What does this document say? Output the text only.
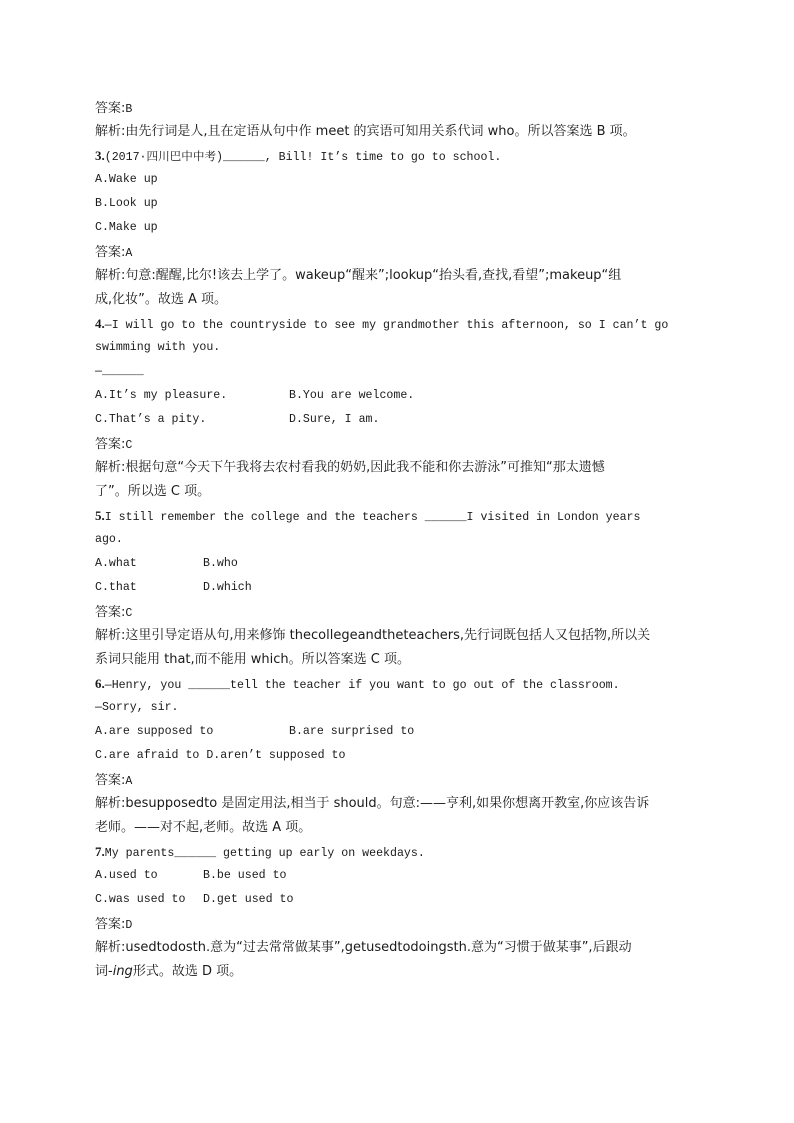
答案:B
解析:由先行词是人,且在定语从句中作 meet 的宾语可知用关系代词 who。所以答案选 B 项。
3.(2017·四川巴中中考)______, Bill! It’s time to go to school.
A.Wake up
B.Look up
C.Make up
答案:A
解析:句意:醒醒,比尔!该去上学了。wakeup“醒来”;lookup“抬头看,查找,看望”;makeup“组
成,化妆”。故选 A 项。
4.—I will go to the countryside to see my grandmother this afternoon, so I can’t go
swimming with you.
—______
A.It’s my pleasure.	B.You are welcome.
C.That’s a pity.	D.Sure, I am.
答案:C
解析:根据句意“今天下午我将去农村看我的奶奶,因此我不能和你去游泳”可推知“那太遗憾
了”。所以选 C 项。
5.I still remember the college and the teachers ______I visited in London years
ago.
A.what	B.who
C.that	D.which
答案:C
解析:这里引导定语从句,用来修饰 thecollegeandtheteachers,先行词既包括人又包括物,所以关
系词只能用 that,而不能用 which。所以答案选 C 项。
6.—Henry, you ______tell the teacher if you want to go out of the classroom.
—Sorry, sir.
A.are supposed to	B.are surprised to
C.are afraid to D.aren’t supposed to
答案:A
解析:besupposedto 是固定用法,相当于 should。句意:——亨利,如果你想离开教室,你应该告诉
老师。——对不起,老师。故选 A 项。
7.My parents______ getting up early on weekdays.
A.used to	B.be used to
C.was used to D.get used to
答案:D
解析:usedtodosth.意为“过去常常做某事”,getusedtodoingsth.意为“习惯于做某事”,后跟动
词-ing形式。故选 D 项。
